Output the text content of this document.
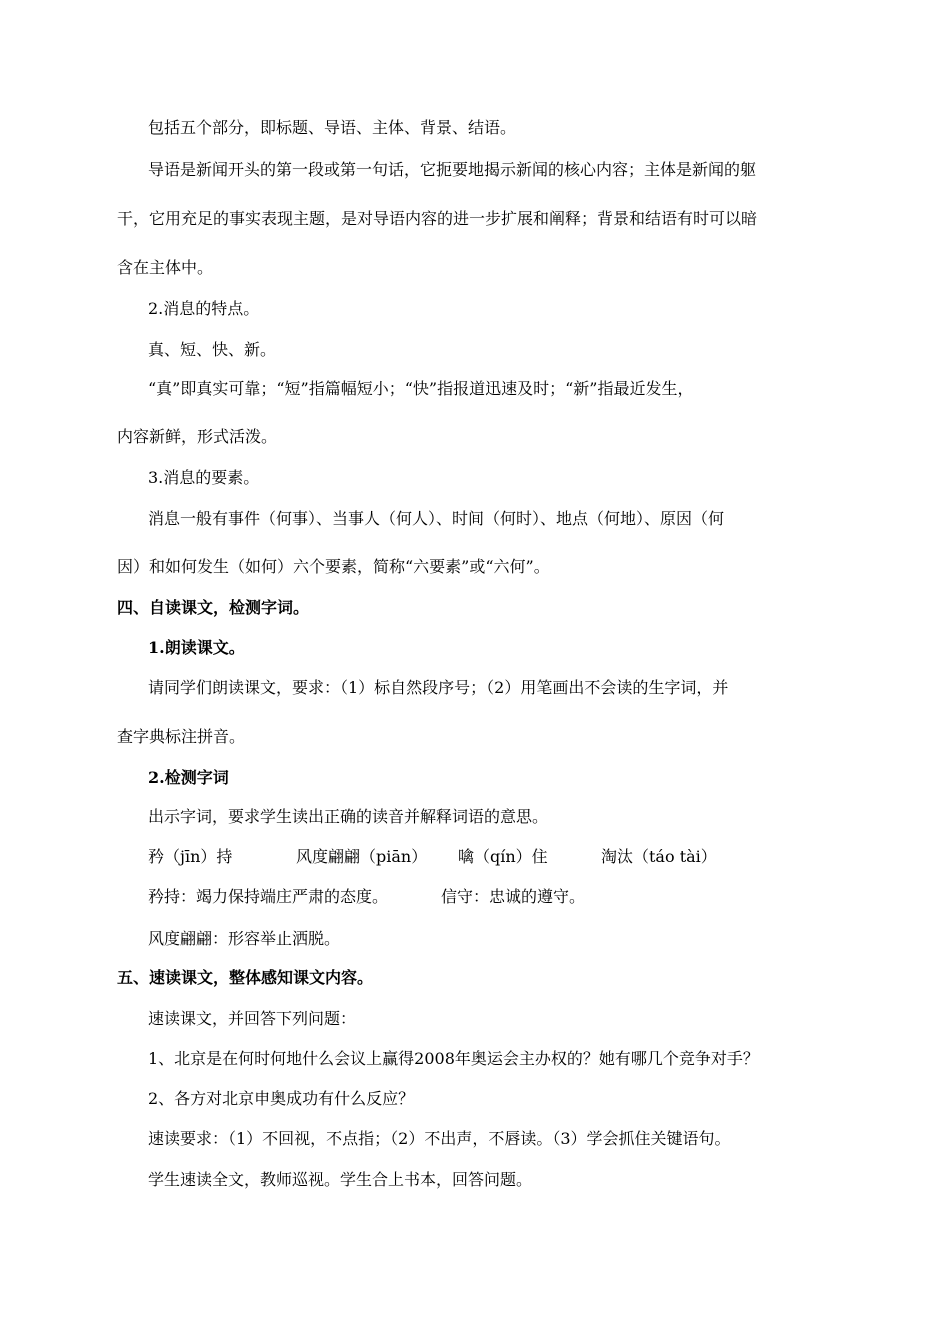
包括五个部分，即标题、导语、主体、背景、结语。
导语是新闻开头的第一段或第一句话，它扼要地揭示新闻的核心内容；主体是新闻的躯
干，它用充足的事实表现主题，是对导语内容的进一步扩展和阐释；背景和结语有时可以暗
含在主体中。
2.消息的特点。
真、短、快、新。
“真”即真实可靠；“短”指篇幅短小；“快”指报道迅速及时；“新”指最近发生，
内容新鲜，形式活泼。
3.消息的要素。
消息一般有事件（何事）、当事人（何人）、时间（何时）、地点（何地）、原因（何
因）和如何发生（如何）六个要素，简称“六要素”或“六何”。
四、自读课文，检测字词。
1.朗读课文。
请同学们朗读课文，要求：（1）标自然段序号；（2）用笔画出不会读的生字词，并
查字典标注拼音。
2.检测字词
出示字词，要求学生读出正确的读音并解释词语的意思。
矜（jīn）持	风度翩翩（piān） 噙（qín）住	淘汰（táo tài）
矜持：竭力保持端庄严肃的态度。	信守：忠诚的遵守。
风度翩翩：形容举止洒脱。
五、速读课文，整体感知课文内容。
速读课文，并回答下列问题：
1、北京是在何时何地什么会议上赢得2008年奥运会主办权的？她有哪几个竞争对手？
2、各方对北京申奥成功有什么反应？
速读要求：（1）不回视，不点指；（2）不出声，不唇读。（3）学会抓住关键语句。
学生速读全文，教师巡视。学生合上书本，回答问题。
